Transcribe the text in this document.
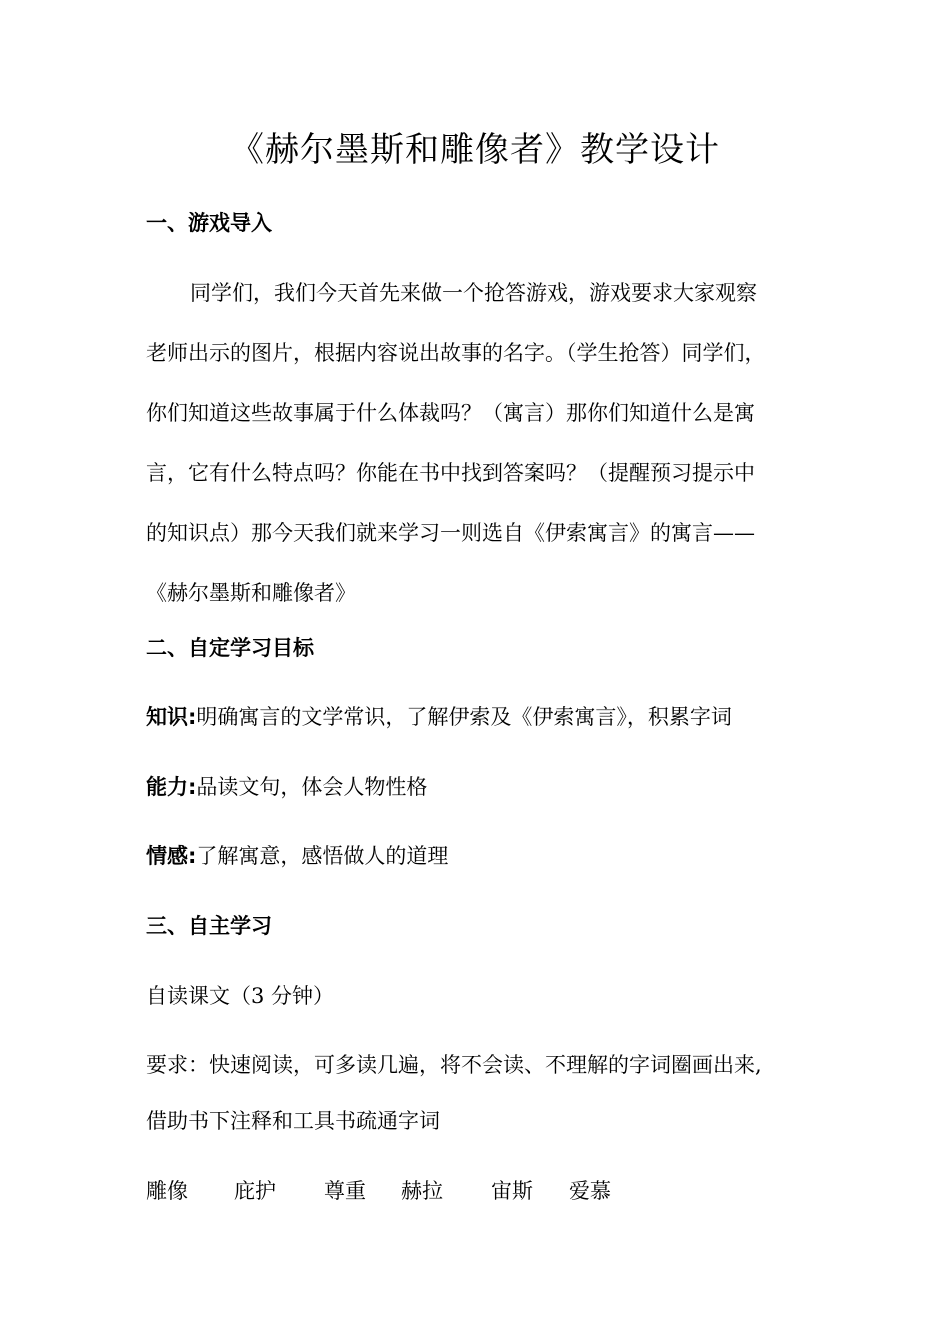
《赫尔墨斯和雕像者》教学设计
一、游戏导入
同学们，我们今天首先来做一个抢答游戏，游戏要求大家观察
老师出示的图片，根据内容说出故事的名字。（学生抢答）同学们，
你们知道这些故事属于什么体裁吗？（寓言）那你们知道什么是寓
言，它有什么特点吗？你能在书中找到答案吗？（提醒预习提示中
的知识点）那今天我们就来学习一则选自《伊索寓言》的寓言——
《赫尔墨斯和雕像者》
二、自定学习目标
知识:明确寓言的文学常识，了解伊索及《伊索寓言》，积累字词
能力:品读文句，体会人物性格
情感:了解寓意，感悟做人的道理
三、自主学习
自读课文（3 分钟）
要求：快速阅读，可多读几遍，将不会读、不理解的字词圈画出来,
借助书下注释和工具书疏通字词
雕像 庇护 尊重 赫拉 宙斯 爱慕
